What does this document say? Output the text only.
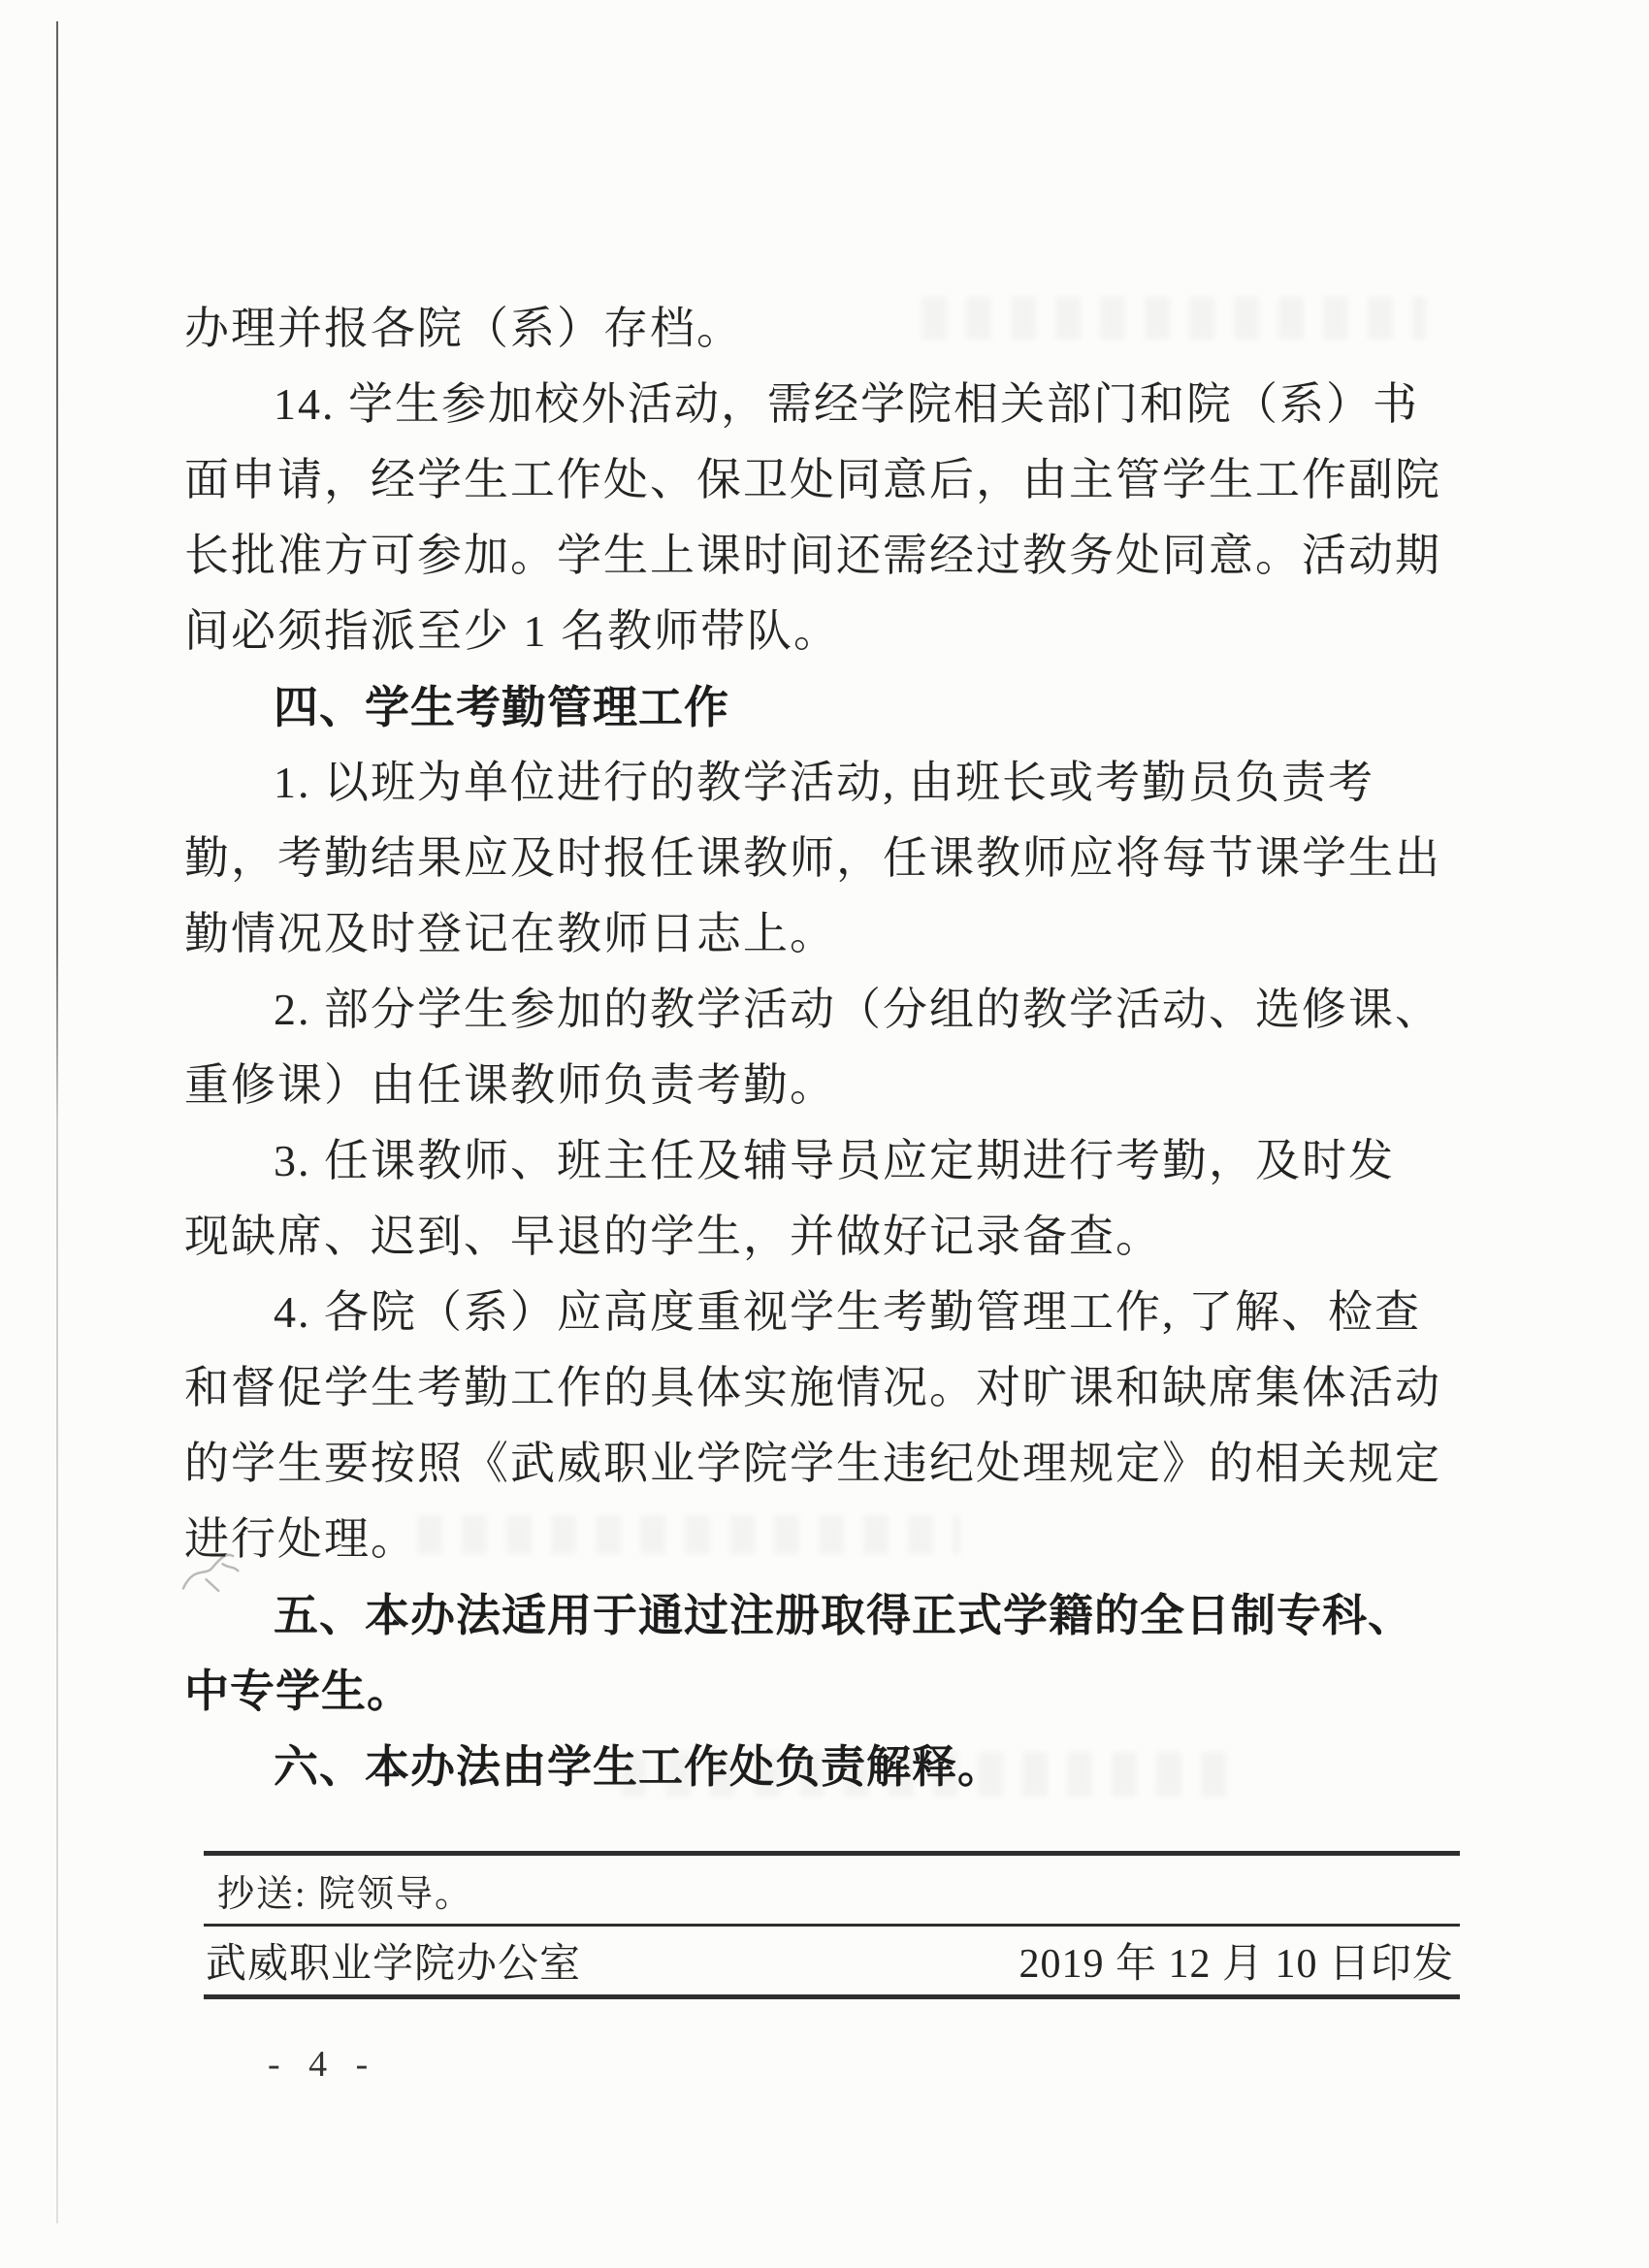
办理并报各院（系）存档。
14. 学生参加校外活动，需经学院相关部门和院（系）书
面申请，经学生工作处、保卫处同意后，由主管学生工作副院
长批准方可参加。学生上课时间还需经过教务处同意。活动期
间必须指派至少 1 名教师带队。
四、学生考勤管理工作
1. 以班为单位进行的教学活动, 由班长或考勤员负责考
勤，考勤结果应及时报任课教师，任课教师应将每节课学生出
勤情况及时登记在教师日志上。
2. 部分学生参加的教学活动（分组的教学活动、选修课、
重修课）由任课教师负责考勤。
3. 任课教师、班主任及辅导员应定期进行考勤，及时发
现缺席、迟到、早退的学生，并做好记录备查。
4. 各院（系）应高度重视学生考勤管理工作, 了解、检查
和督促学生考勤工作的具体实施情况。对旷课和缺席集体活动
的学生要按照《武威职业学院学生违纪处理规定》的相关规定
进行处理。
五、本办法适用于通过注册取得正式学籍的全日制专科、
中专学生。
六、本办法由学生工作处负责解释。
抄送: 院领导。
武威职业学院办公室	2019 年 12 月 10 日印发
- 4 -
